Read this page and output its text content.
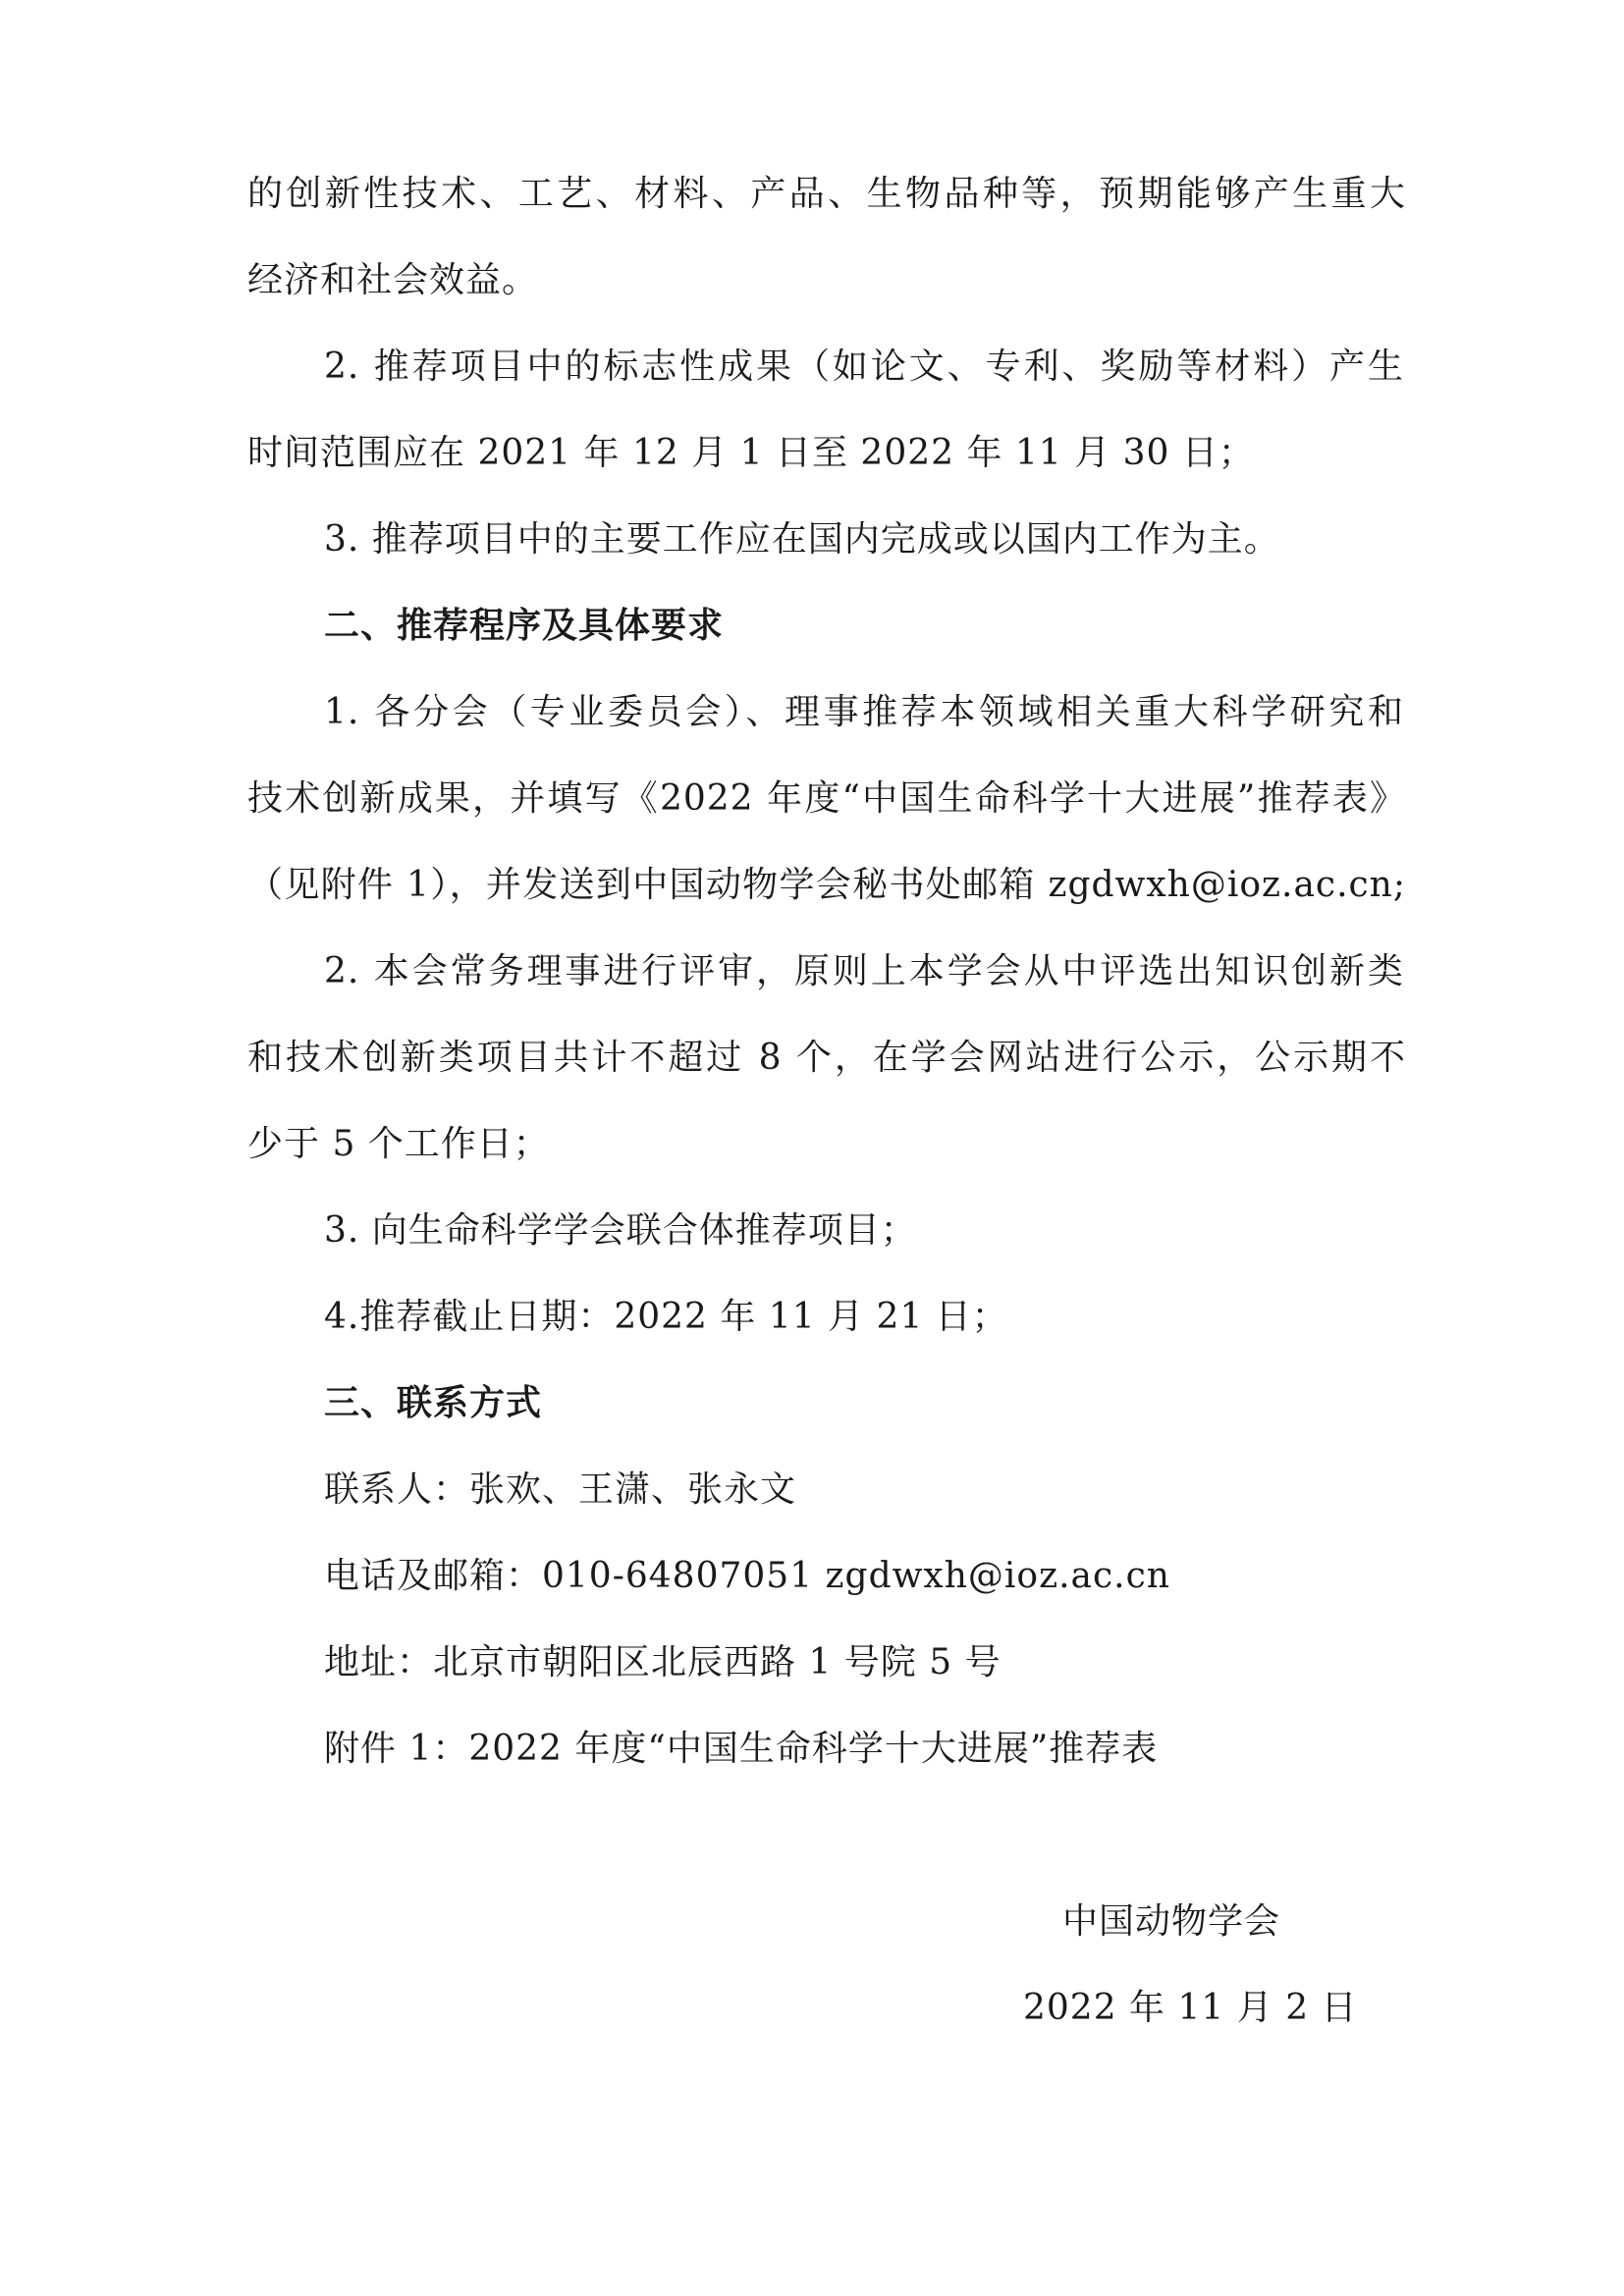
的创新性技术、工艺、材料、产品、生物品种等，预期能够产生重大
经济和社会效益。
2. 推荐项目中的标志性成果（如论文、专利、奖励等材料）产生
时间范围应在 2021 年 12 月 1 日至 2022 年 11 月 30 日；
3. 推荐项目中的主要工作应在国内完成或以国内工作为主。
二、推荐程序及具体要求
1. 各分会（专业委员会）、理事推荐本领域相关重大科学研究和
技术创新成果，并填写《2022 年度“中国生命科学十大进展”推荐表》
（见附件 1），并发送到中国动物学会秘书处邮箱 zgdwxh@ioz.ac.cn;
2. 本会常务理事进行评审，原则上本学会从中评选出知识创新类
和技术创新类项目共计不超过 8 个，在学会网站进行公示，公示期不
少于 5 个工作日；
3. 向生命科学学会联合体推荐项目；
4.推荐截止日期：2022 年 11 月 21 日；
三、联系方式
联系人：张欢、王潇、张永文
电话及邮箱：010-64807051 zgdwxh@ioz.ac.cn
地址：北京市朝阳区北辰西路 1 号院 5 号
附件 1：2022 年度“中国生命科学十大进展”推荐表
中国动物学会
2022 年 11 月 2 日
